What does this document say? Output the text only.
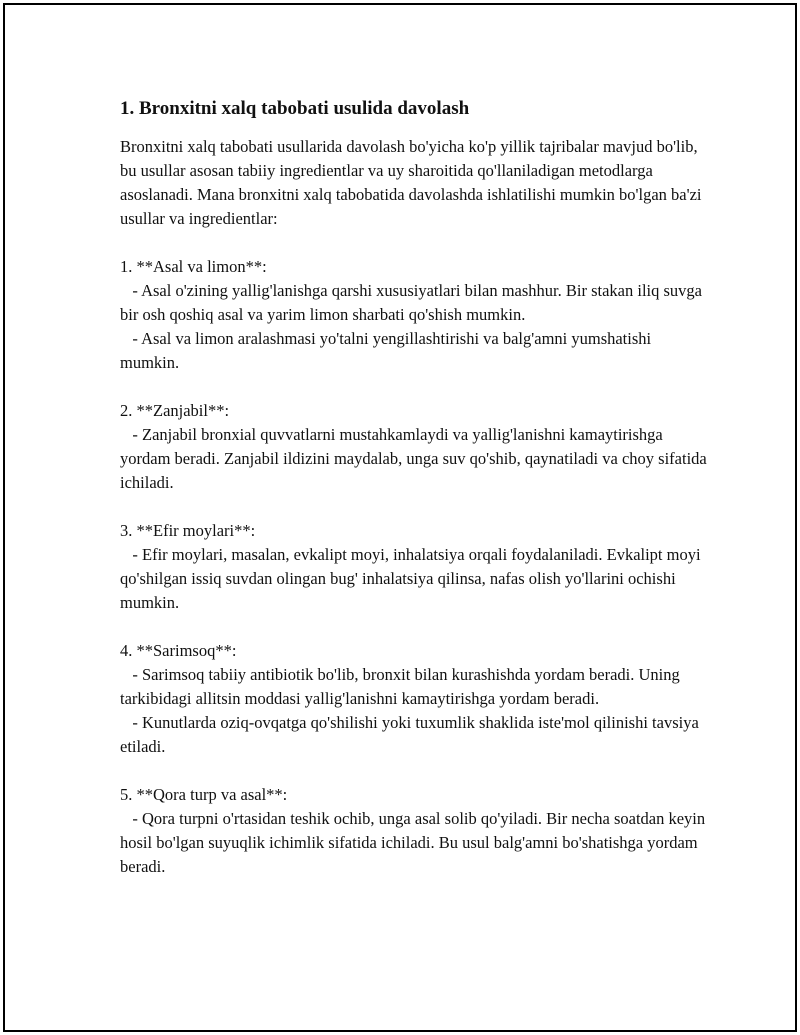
1. Bronxitni xalq tabobati usulida davolash

Bronxitni xalq tabobati usullarida davolash bo'yicha ko'p yillik tajribalar mavjud bo'lib, bu usullar asosan tabiiy ingredientlar va uy sharoitida qo'llaniladigan metodlarga asoslanadi. Mana bronxitni xalq tabobatida davolashda ishlatilishi mumkin bo'lgan ba'zi usullar va ingredientlar:

1. **Asal va limon**:

- Asal o'zining yallig'lanishga qarshi xususiyatlari bilan mashhur. Bir stakan iliq suvga bir osh qoshiq asal va yarim limon sharbati qo'shish mumkin.

- Asal va limon aralashmasi yo'talni yengillashtirishi va balg'amni yumshatishi mumkin.

2. **Zanjabil**:

- Zanjabil bronxial quvvatlarni mustahkamlaydi va yallig'lanishni kamaytirishga yordam beradi. Zanjabil ildizini maydalab, unga suv qo'shib, qaynatiladi va choy sifatida ichiladi.

3. **Efir moylari**:

- Efir moylari, masalan, evkalipt moyi, inhalatsiya orqali foydalaniladi. Evkalipt moyi qo'shilgan issiq suvdan olingan bug' inhalatsiya qilinsa, nafas olish yo'llarini ochishi mumkin.

4. **Sarimsoq**:

- Sarimsoq tabiiy antibiotik bo'lib, bronxit bilan kurashishda yordam beradi. Uning tarkibidagi allitsin moddasi yallig'lanishni kamaytirishga yordam beradi.

- Kunutlarda oziq-ovqatga qo'shilishi yoki tuxumlik shaklida iste'mol qilinishi tavsiya etiladi.

5. **Qora turp va asal**:

- Qora turpni o'rtasidan teshik ochib, unga asal solib qo'yiladi. Bir necha soatdan keyin hosil bo'lgan suyuqlik ichimlik sifatida ichiladi. Bu usul balg'amni bo'shatishga yordam beradi.
